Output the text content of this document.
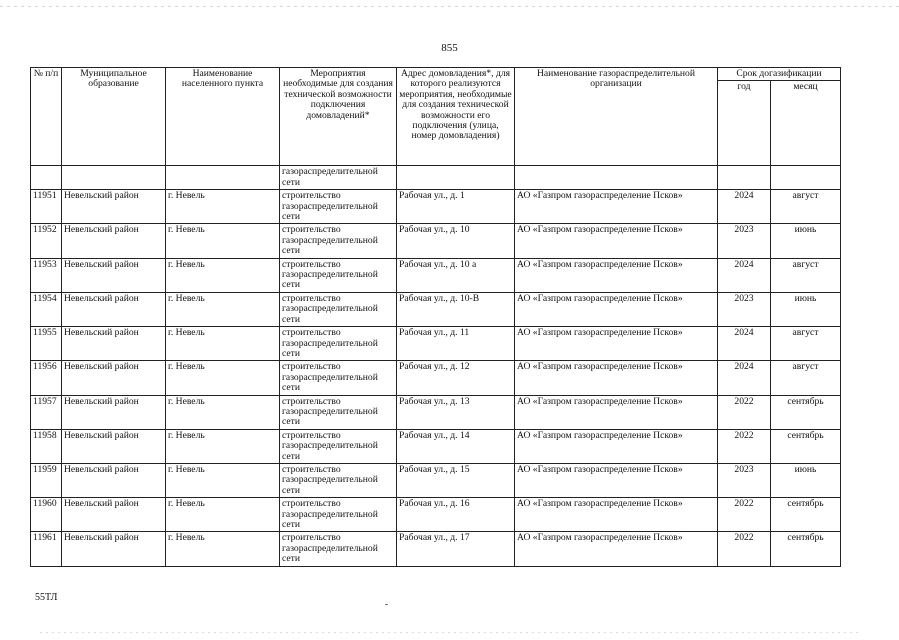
855
№ п/п	Муниципальное образование	Наименование населенного пункта	Мероприятия необходимые для создания технической возможности подключения домовладений*	Адрес домовладения*, для которого реализуются мероприятия, необходимые для создания технической возможности его подключения (улица, номер домовладения)	Наименование газораспределительной организации	Срок догазификации	
						год	месяц
			газораспределительной сети				
11951	Невельский район	г. Невель	строительство газораспределительной сети	Рабочая ул., д. 1	АО «Газпром газораспределение Псков»	2024	август
11952	Невельский район	г. Невель	строительство газораспределительной сети	Рабочая ул., д. 10	АО «Газпром газораспределение Псков»	2023	июнь
11953	Невельский район	г. Невель	строительство газораспределительной сети	Рабочая ул., д. 10 а	АО «Газпром газораспределение Псков»	2024	август
11954	Невельский район	г. Невель	строительство газораспределительной сети	Рабочая ул., д. 10-В	АО «Газпром газораспределение Псков»	2023	июнь
11955	Невельский район	г. Невель	строительство газораспределительной сети	Рабочая ул., д. 11	АО «Газпром газораспределение Псков»	2024	август
11956	Невельский район	г. Невель	строительство газораспределительной сети	Рабочая ул., д. 12	АО «Газпром газораспределение Псков»	2024	август
11957	Невельский район	г. Невель	строительство газораспределительной сети	Рабочая ул., д. 13	АО «Газпром газораспределение Псков»	2022	сентябрь
11958	Невельский район	г. Невель	строительство газораспределительной сети	Рабочая ул., д. 14	АО «Газпром газораспределение Псков»	2022	сентябрь
11959	Невельский район	г. Невель	строительство газораспределительной сети	Рабочая ул., д. 15	АО «Газпром газораспределение Псков»	2023	июнь
11960	Невельский район	г. Невель	строительство газораспределительной сети	Рабочая ул., д. 16	АО «Газпром газораспределение Псков»	2022	сентябрь
11961	Невельский район	г. Невель	строительство газораспределительной сети	Рабочая ул., д. 17	АО «Газпром газораспределение Псков»	2022	сентябрь
55ТЛ
